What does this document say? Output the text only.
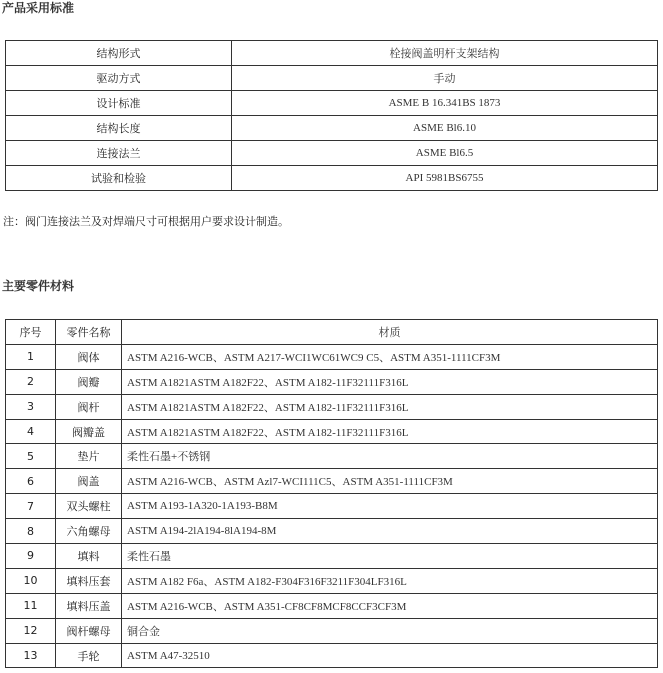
产品采用标准
结构形式	栓接阀盖明杆支架结构
驱动方式	手动
设计标准	ASME B 16.341BS 1873
结构长度	ASME Bl6.10
连接法兰	ASME Bl6.5
试验和检验	API 5981BS6755
注：阀门连接法兰及对焊端尺寸可根据用户要求设计制造。
主要零件材料
序号	零件名称	材质
1	阀体	ASTM A216-WCB、ASTM A217-WCI1WC61WC9 C5、ASTM A351-1111CF3M
2	阀瓣	ASTM A1821ASTM A182F22、ASTM A182-11F32111F316L
3	阀杆	ASTM A1821ASTM A182F22、ASTM A182-11F32111F316L
4	阀瓣盖	ASTM A1821ASTM A182F22、ASTM A182-11F32111F316L
5	垫片	柔性石墨+不锈钢
6	阀盖	ASTM A216-WCB、ASTM Azl7-WCI111C5、ASTM A351-1111CF3M
7	双头螺柱	ASTM A193-1A320-1A193-B8M
8	六角螺母	ASTM A194-2lA194-8lA194-8M
9	填料	柔性石墨
10	填料压套	ASTM A182 F6a、ASTM A182-F304F316F3211F304LF316L
11	填料压盖	ASTM A216-WCB、ASTM A351-CF8CF8MCF8CCF3CF3M
12	阀杆螺母	铜合金
13	手轮	ASTM A47-32510
